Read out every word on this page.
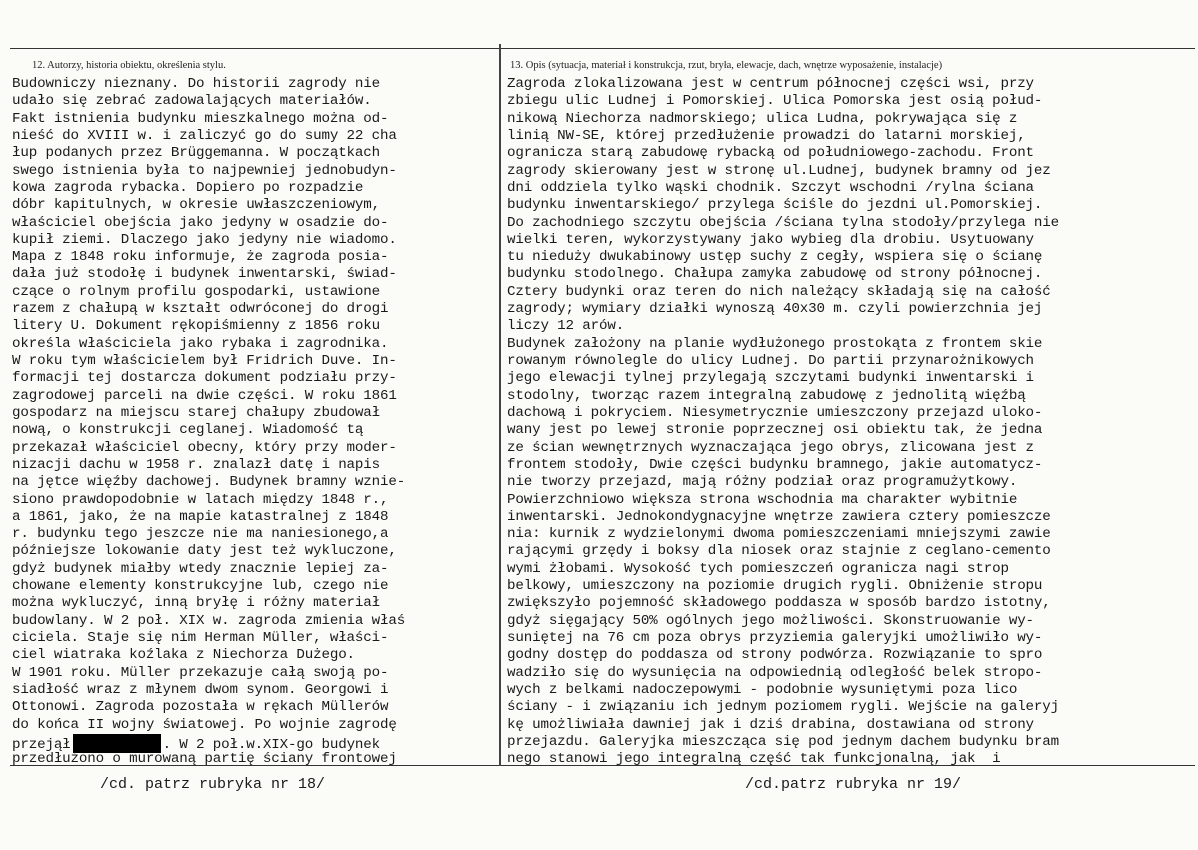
12. Autorzy, historia obiektu, określenia stylu.	13. Opis (sytuacja, materiał i konstrukcja, rzut, bryła, elewacje, dach, wnętrze wyposażenie, instalacje)
Budowniczy nieznany. Do historii zagrody nie
udało się zebrać zadowalających materiałów.
Fakt istnienia budynku mieszkalnego można od-
nieść do XVIII w. i zaliczyć go do sumy 22 cha
łup podanych przez Brüggemanna. W początkach
swego istnienia była to najpewniej jednobudyn-
kowa zagroda rybacka. Dopiero po rozpadzie
dóbr kapitulnych, w okresie uwłaszczeniowym,
właściciel obejścia jako jedyny w osadzie do-
kupił ziemi. Dlaczego jako jedyny nie wiadomo.
Mapa z 1848 roku informuje, że zagroda posia-
dała już stodołę i budynek inwentarski, świad-
czące o rolnym profilu gospodarki, ustawione
razem z chałupą w kształt odwróconej do drogi
litery U. Dokument rękopiśmienny z 1856 roku
określa właściciela jako rybaka i zagrodnika.
W roku tym właścicielem był Fridrich Duve. In-
formacji tej dostarcza dokument podziału przy-
zagrodowej parceli na dwie części. W roku 1861
gospodarz na miejscu starej chałupy zbudował
nową, o konstrukcji ceglanej. Wiadomość tą
przekazał właściciel obecny, który przy moder-
nizacji dachu w 1958 r. znalazł datę i napis
na jętce więźby dachowej. Budynek bramny wznie-
siono prawdopodobnie w latach między 1848 r.,
a 1861, jako, że na mapie katastralnej z 1848
r. budynku tego jeszcze nie ma naniesionego,a
późniejsze lokowanie daty jest też wykluczone,
gdyż budynek miałby wtedy znacznie lepiej za-
chowane elementy konstrukcyjne lub, czego nie
można wykluczyć, inną bryłę i różny materiał
budowlany. W 2 poł. XIX w. zagroda zmienia właś
ciciela. Staje się nim Herman Müller, właści-
ciel wiatraka koźlaka z Niechorza Dużego.
W 1901 roku. Müller przekazuje całą swoją po-
siadłość wraz z młynem dwom synom. Georgowi i
Ottonowi. Zagroda pozostała w rękach Müllerów
do końca II wojny światowej. Po wojnie zagrodę
przejął	. W 2 poł.w.XIX-go budynek
przedłużono o murowaną partię ściany frontowej
Zagroda zlokalizowana jest w centrum północnej części wsi, przy
zbiegu ulic Ludnej i Pomorskiej. Ulica Pomorska jest osią połud-
nikową Niechorza nadmorskiego; ulica Ludna, pokrywająca się z
linią NW-SE, której przedłużenie prowadzi do latarni morskiej,
ogranicza starą zabudowę rybacką od południowego-zachodu. Front
zagrody skierowany jest w stronę ul.Ludnej, budynek bramny od jez
dni oddziela tylko wąski chodnik. Szczyt wschodni /rylna ściana
budynku inwentarskiego/ przylega ściśle do jezdni ul.Pomorskiej.
Do zachodniego szczytu obejścia /ściana tylna stodoły/przylega nie
wielki teren, wykorzystywany jako wybieg dla drobiu. Usytuowany
tu nieduży dwukabinowy ustęp suchy z cegły, wspiera się o ścianę
budynku stodolnego. Chałupa zamyka zabudowę od strony północnej.
Cztery budynki oraz teren do nich należący składają się na całość
zagrody; wymiary działki wynoszą 40x30 m. czyli powierzchnia jej
liczy 12 arów.
Budynek założony na planie wydłużonego prostokąta z frontem skie
rowanym równolegle do ulicy Ludnej. Do partii przynarożnikowych
jego elewacji tylnej przylegają szczytami budynki inwentarski i
stodolny, tworząc razem integralną zabudowę z jednolitą więźbą
dachową i pokryciem. Niesymetrycznie umieszczony przejazd uloko-
wany jest po lewej stronie poprzecznej osi obiektu tak, że jedna
ze ścian wewnętrznych wyznaczająca jego obrys, zlicowana jest z
frontem stodoły, Dwie części budynku bramnego, jakie automatycz-
nie tworzy przejazd, mają różny podział oraz programużytkowy.
Powierzchniowo większa strona wschodnia ma charakter wybitnie
inwentarski. Jednokondygnacyjne wnętrze zawiera cztery pomieszcze
nia: kurnik z wydzielonymi dwoma pomieszczeniami mniejszymi zawie
rającymi grzędy i boksy dla niosek oraz stajnie z ceglano-cemento
wymi żłobami. Wysokość tych pomieszczeń ogranicza nagi strop
belkowy, umieszczony na poziomie drugich rygli. Obniżenie stropu
zwiększyło pojemność składowego poddasza w sposób bardzo istotny,
gdyż sięgający 50% ogólnych jego możliwości. Skonstruowanie wy-
suniętej na 76 cm poza obrys przyziemia galeryjki umożliwiło wy-
godny dostęp do poddasza od strony podwórza. Rozwiązanie to spro
wadziło się do wysunięcia na odpowiednią odległość belek stropo-
wych z belkami nadoczepowymi - podobnie wysuniętymi poza lico
ściany - i związaniu ich jednym poziomem rygli. Wejście na galeryj
kę umożliwiała dawniej jak i dziś drabina, dostawiana od strony
przejazdu. Galeryjka mieszcząca się pod jednym dachem budynku bram
nego stanowi jego integralną część tak funkcjonalną, jak  i
/cd. patrz rubryka nr 18/	/cd.patrz rubryka nr 19/
